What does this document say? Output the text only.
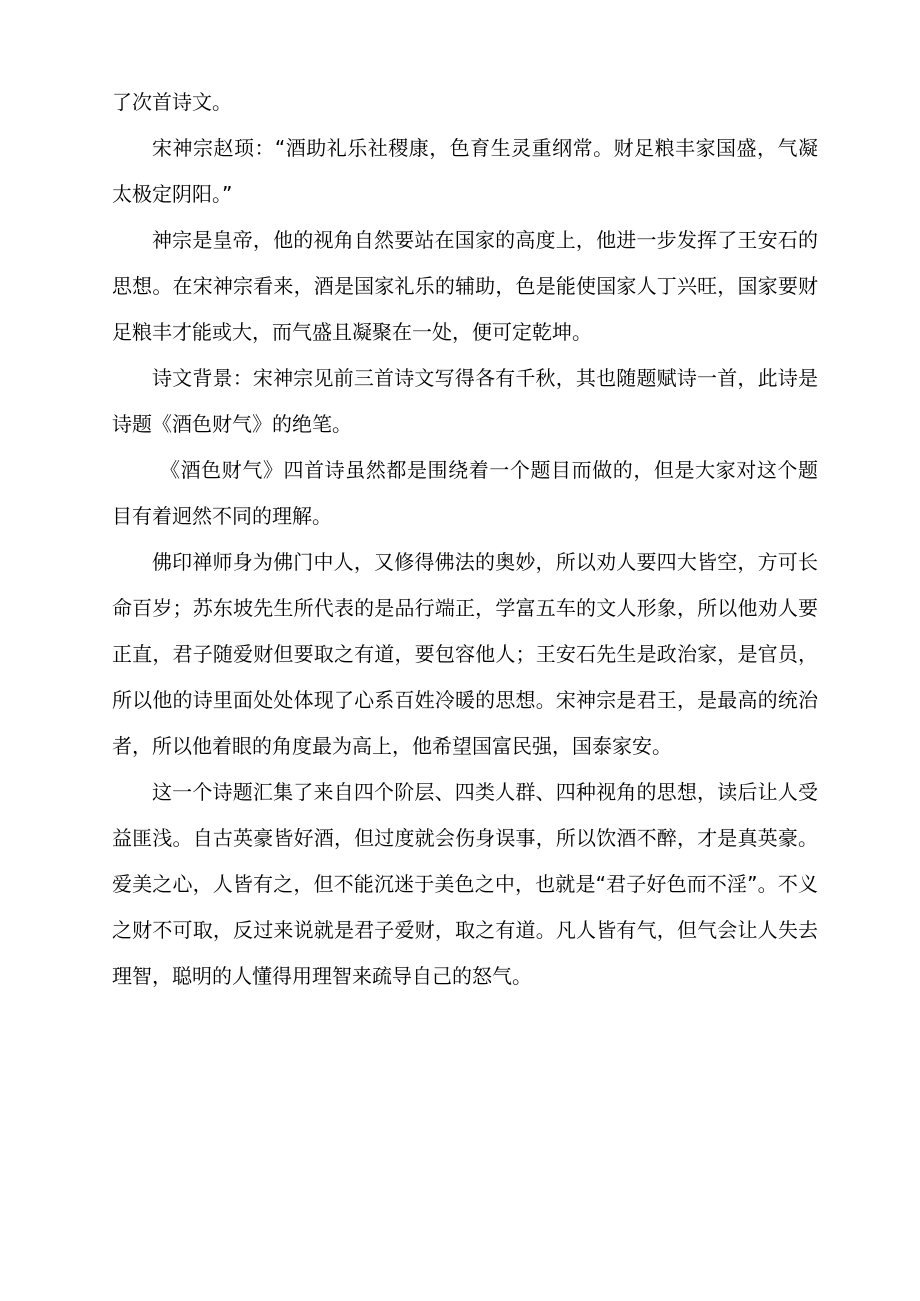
了次首诗文。

宋神宗赵顼：“酒助礼乐社稷康，色育生灵重纲常。财足粮丰家国盛，气凝太极定阴阳。”

神宗是皇帝，他的视角自然要站在国家的高度上，他进一步发挥了王安石的思想。在宋神宗看来，酒是国家礼乐的辅助，色是能使国家人丁兴旺，国家要财足粮丰才能或大，而气盛且凝聚在一处，便可定乾坤。

诗文背景：宋神宗见前三首诗文写得各有千秋，其也随题赋诗一首，此诗是诗题《酒色财气》的绝笔。

《酒色财气》四首诗虽然都是围绕着一个题目而做的，但是大家对这个题目有着迥然不同的理解。

佛印禅师身为佛门中人，又修得佛法的奥妙，所以劝人要四大皆空，方可长命百岁；苏东坡先生所代表的是品行端正，学富五车的文人形象，所以他劝人要正直，君子随爱财但要取之有道，要包容他人；王安石先生是政治家，是官员，所以他的诗里面处处体现了心系百姓冷暖的思想。宋神宗是君王，是最高的统治者，所以他着眼的角度最为高上，他希望国富民强，国泰家安。

这一个诗题汇集了来自四个阶层、四类人群、四种视角的思想，读后让人受益匪浅。自古英豪皆好酒，但过度就会伤身误事，所以饮酒不醉，才是真英豪。爱美之心，人皆有之，但不能沉迷于美色之中，也就是“君子好色而不淫”。不义之财不可取，反过来说就是君子爱财，取之有道。凡人皆有气，但气会让人失去理智，聪明的人懂得用理智来疏导自己的怒气。
